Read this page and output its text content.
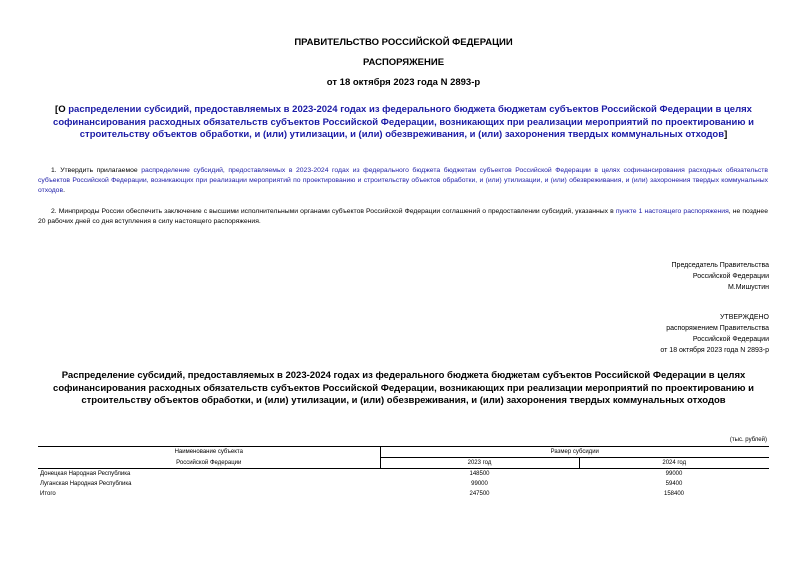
ПРАВИТЕЛЬСТВО РОССИЙСКОЙ ФЕДЕРАЦИИ
РАСПОРЯЖЕНИЕ
от 18 октября 2023 года N 2893-р
[О распределении субсидий, предоставляемых в 2023-2024 годах из федерального бюджета бюджетам субъектов Российской Федерации в целях софинансирования расходных обязательств субъектов Российской Федерации, возникающих при реализации мероприятий по проектированию и строительству объектов обработки, и (или) утилизации, и (или) обезвреживания, и (или) захоронения твердых коммунальных отходов]
1. Утвердить прилагаемое распределение субсидий, предоставляемых в 2023-2024 годах из федерального бюджета бюджетам субъектов Российской Федерации в целях софинансирования расходных обязательств субъектов Российской Федерации, возникающих при реализации мероприятий по проектированию и строительству объектов обработки, и (или) утилизации, и (или) обезвреживания, и (или) захоронения твердых коммунальных отходов.
2. Минприроды России обеспечить заключение с высшими исполнительными органами субъектов Российской Федерации соглашений о предоставлении субсидий, указанных в пункте 1 настоящего распоряжения, не позднее 20 рабочих дней со дня вступления в силу настоящего распоряжения.
Председатель Правительства
Российской Федерации
М.Мишустин
УТВЕРЖДЕНО
распоряжением Правительства
Российской Федерации
от 18 октября 2023 года N 2893-р
Распределение субсидий, предоставляемых в 2023-2024 годах из федерального бюджета бюджетам субъектов Российской Федерации в целях софинансирования расходных обязательств субъектов Российской Федерации, возникающих при реализации мероприятий по проектированию и строительству объектов обработки, и (или) утилизации, и (или) обезвреживания, и (или) захоронения твердых коммунальных отходов
(тыс. рублей)
Наименование субъекта	Размер субсидии	
Российской Федерации	2023 год	2024 год
Донецкая Народная Республика	148500	99000
Луганская Народная Республика	99000	59400
Итого	247500	158400
